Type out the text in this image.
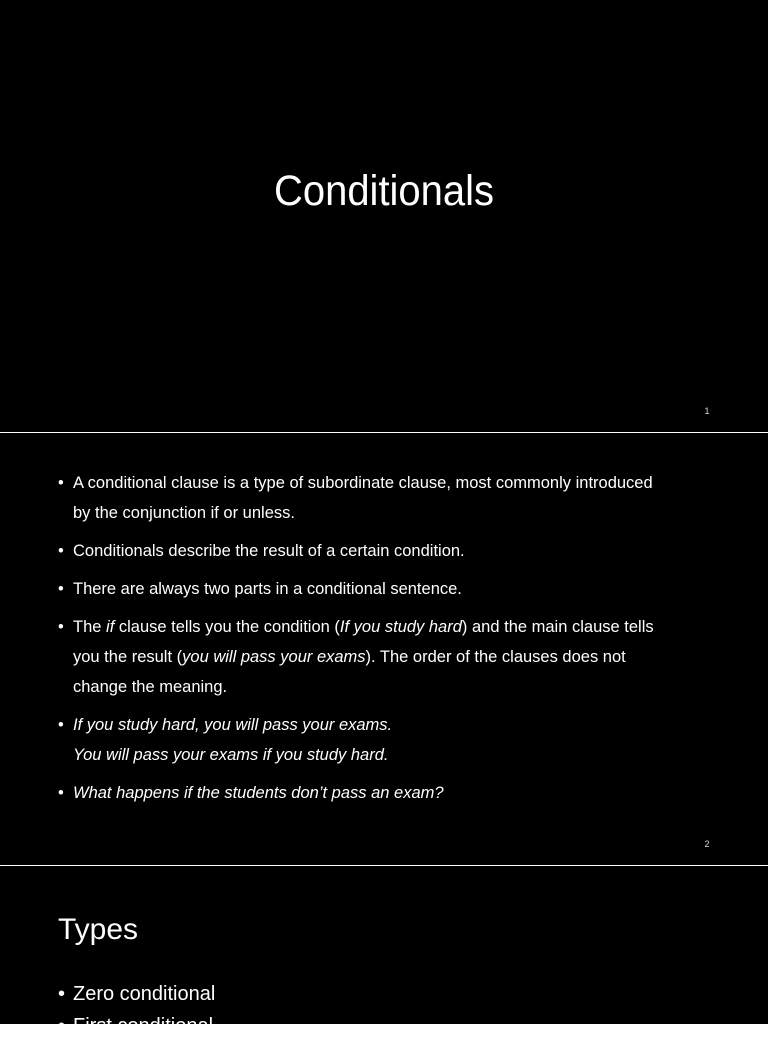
Conditionals
1
• A conditional clause is a type of subordinate clause, most commonly introduced
by the conjunction if or unless.
• Conditionals describe the result of a certain condition.
• There are always two parts in a conditional sentence.
• The if clause tells you the condition (If you study hard) and the main clause tells
you the result (you will pass your exams). The order of the clauses does not
change the meaning.
• If you study hard, you will pass your exams.
You will pass your exams if you study hard.
• What happens if the students don’t pass an exam?
2
Types
• Zero conditional
• First conditional
